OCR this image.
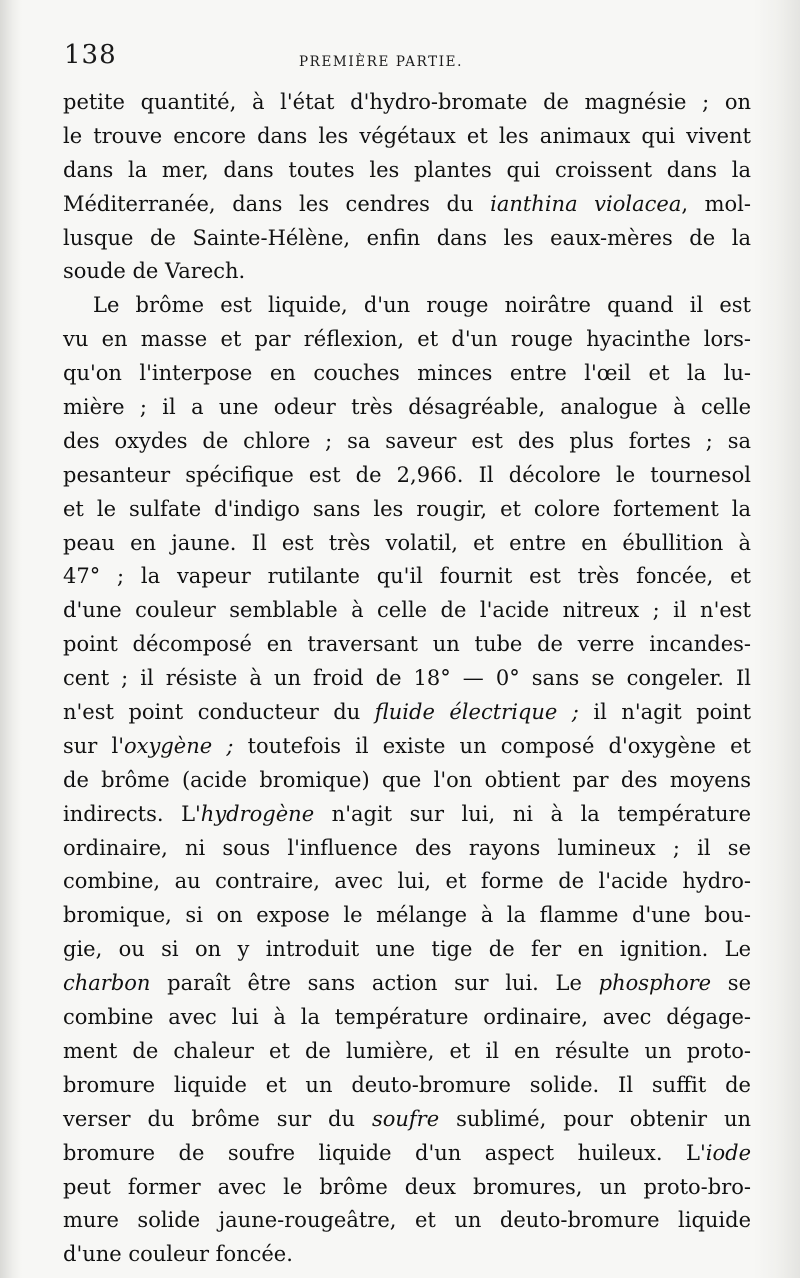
138	PREMIÈRE PARTIE.
petite quantité, à l'état d'hydro-bromate de magnésie ; on
le trouve encore dans les végétaux et les animaux qui vivent
dans la mer, dans toutes les plantes qui croissent dans la
Méditerranée, dans les cendres du ianthina violacea, mol-
lusque de Sainte-Hélène, enfin dans les eaux-mères de la
soude de Varech.
Le brôme est liquide, d'un rouge noirâtre quand il est
vu en masse et par réflexion, et d'un rouge hyacinthe lors-
qu'on l'interpose en couches minces entre l'œil et la lu-
mière ; il a une odeur très désagréable, analogue à celle
des oxydes de chlore ; sa saveur est des plus fortes ; sa
pesanteur spécifique est de 2,966. Il décolore le tournesol
et le sulfate d'indigo sans les rougir, et colore fortement la
peau en jaune. Il est très volatil, et entre en ébullition à
47° ; la vapeur rutilante qu'il fournit est très foncée, et
d'une couleur semblable à celle de l'acide nitreux ; il n'est
point décomposé en traversant un tube de verre incandes-
cent ; il résiste à un froid de 18° — 0° sans se congeler. Il
n'est point conducteur du fluide électrique ; il n'agit point
sur l'oxygène ; toutefois il existe un composé d'oxygène et
de brôme (acide bromique) que l'on obtient par des moyens
indirects. L'hydrogène n'agit sur lui, ni à la température
ordinaire, ni sous l'influence des rayons lumineux ; il se
combine, au contraire, avec lui, et forme de l'acide hydro-
bromique, si on expose le mélange à la flamme d'une bou-
gie, ou si on y introduit une tige de fer en ignition. Le
charbon paraît être sans action sur lui. Le phosphore se
combine avec lui à la température ordinaire, avec dégage-
ment de chaleur et de lumière, et il en résulte un proto-
bromure liquide et un deuto-bromure solide. Il suffit de
verser du brôme sur du soufre sublimé, pour obtenir un
bromure de soufre liquide d'un aspect huileux. L'iode
peut former avec le brôme deux bromures, un proto-bro-
mure solide jaune-rougeâtre, et un deuto-bromure liquide
d'une couleur foncée.
